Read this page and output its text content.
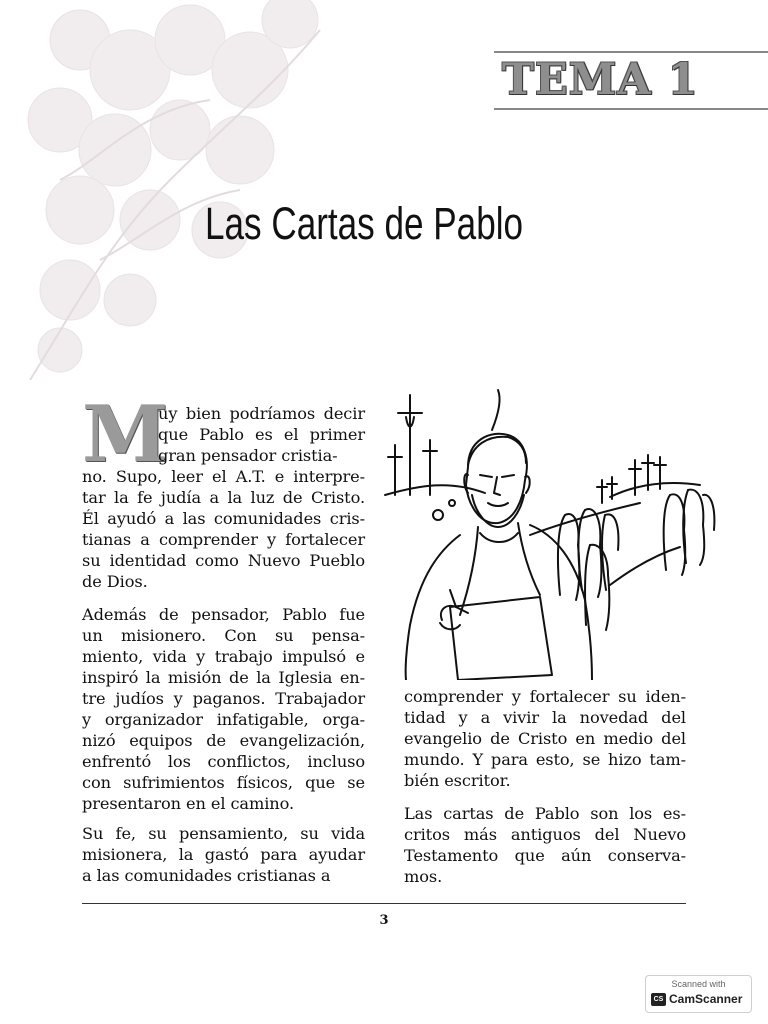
TEMA 1
Las Cartas de Pablo
M
uy bien podríamos decir
que Pablo es el primer
gran pensador cristia-
no. Supo, leer el A.T. e interpre-
tar la fe judía a la luz de Cristo.
Él ayudó a las comunidades cris-
tianas a comprender y fortalecer
su identidad como Nuevo Pueblo
de Dios.
Además de pensador, Pablo fue
un misionero. Con su pensa-
miento, vida y trabajo impulsó e
inspiró la misión de la Iglesia en-
tre judíos y paganos. Trabajador
y organizador infatigable, orga-
nizó equipos de evangelización,
enfrentó los conflictos, incluso
con sufrimientos físicos, que se
presentaron en el camino.
Su fe, su pensamiento, su vida
misionera, la gastó para ayudar
a las comunidades cristianas a
comprender y fortalecer su iden-
tidad y a vivir la novedad del
evangelio de Cristo en medio del
mundo. Y para esto, se hizo tam-
bién escritor.
Las cartas de Pablo son los es-
critos más antiguos del Nuevo
Testamento que aún conserva-
mos.
3
Scanned with
CS CamScanner
